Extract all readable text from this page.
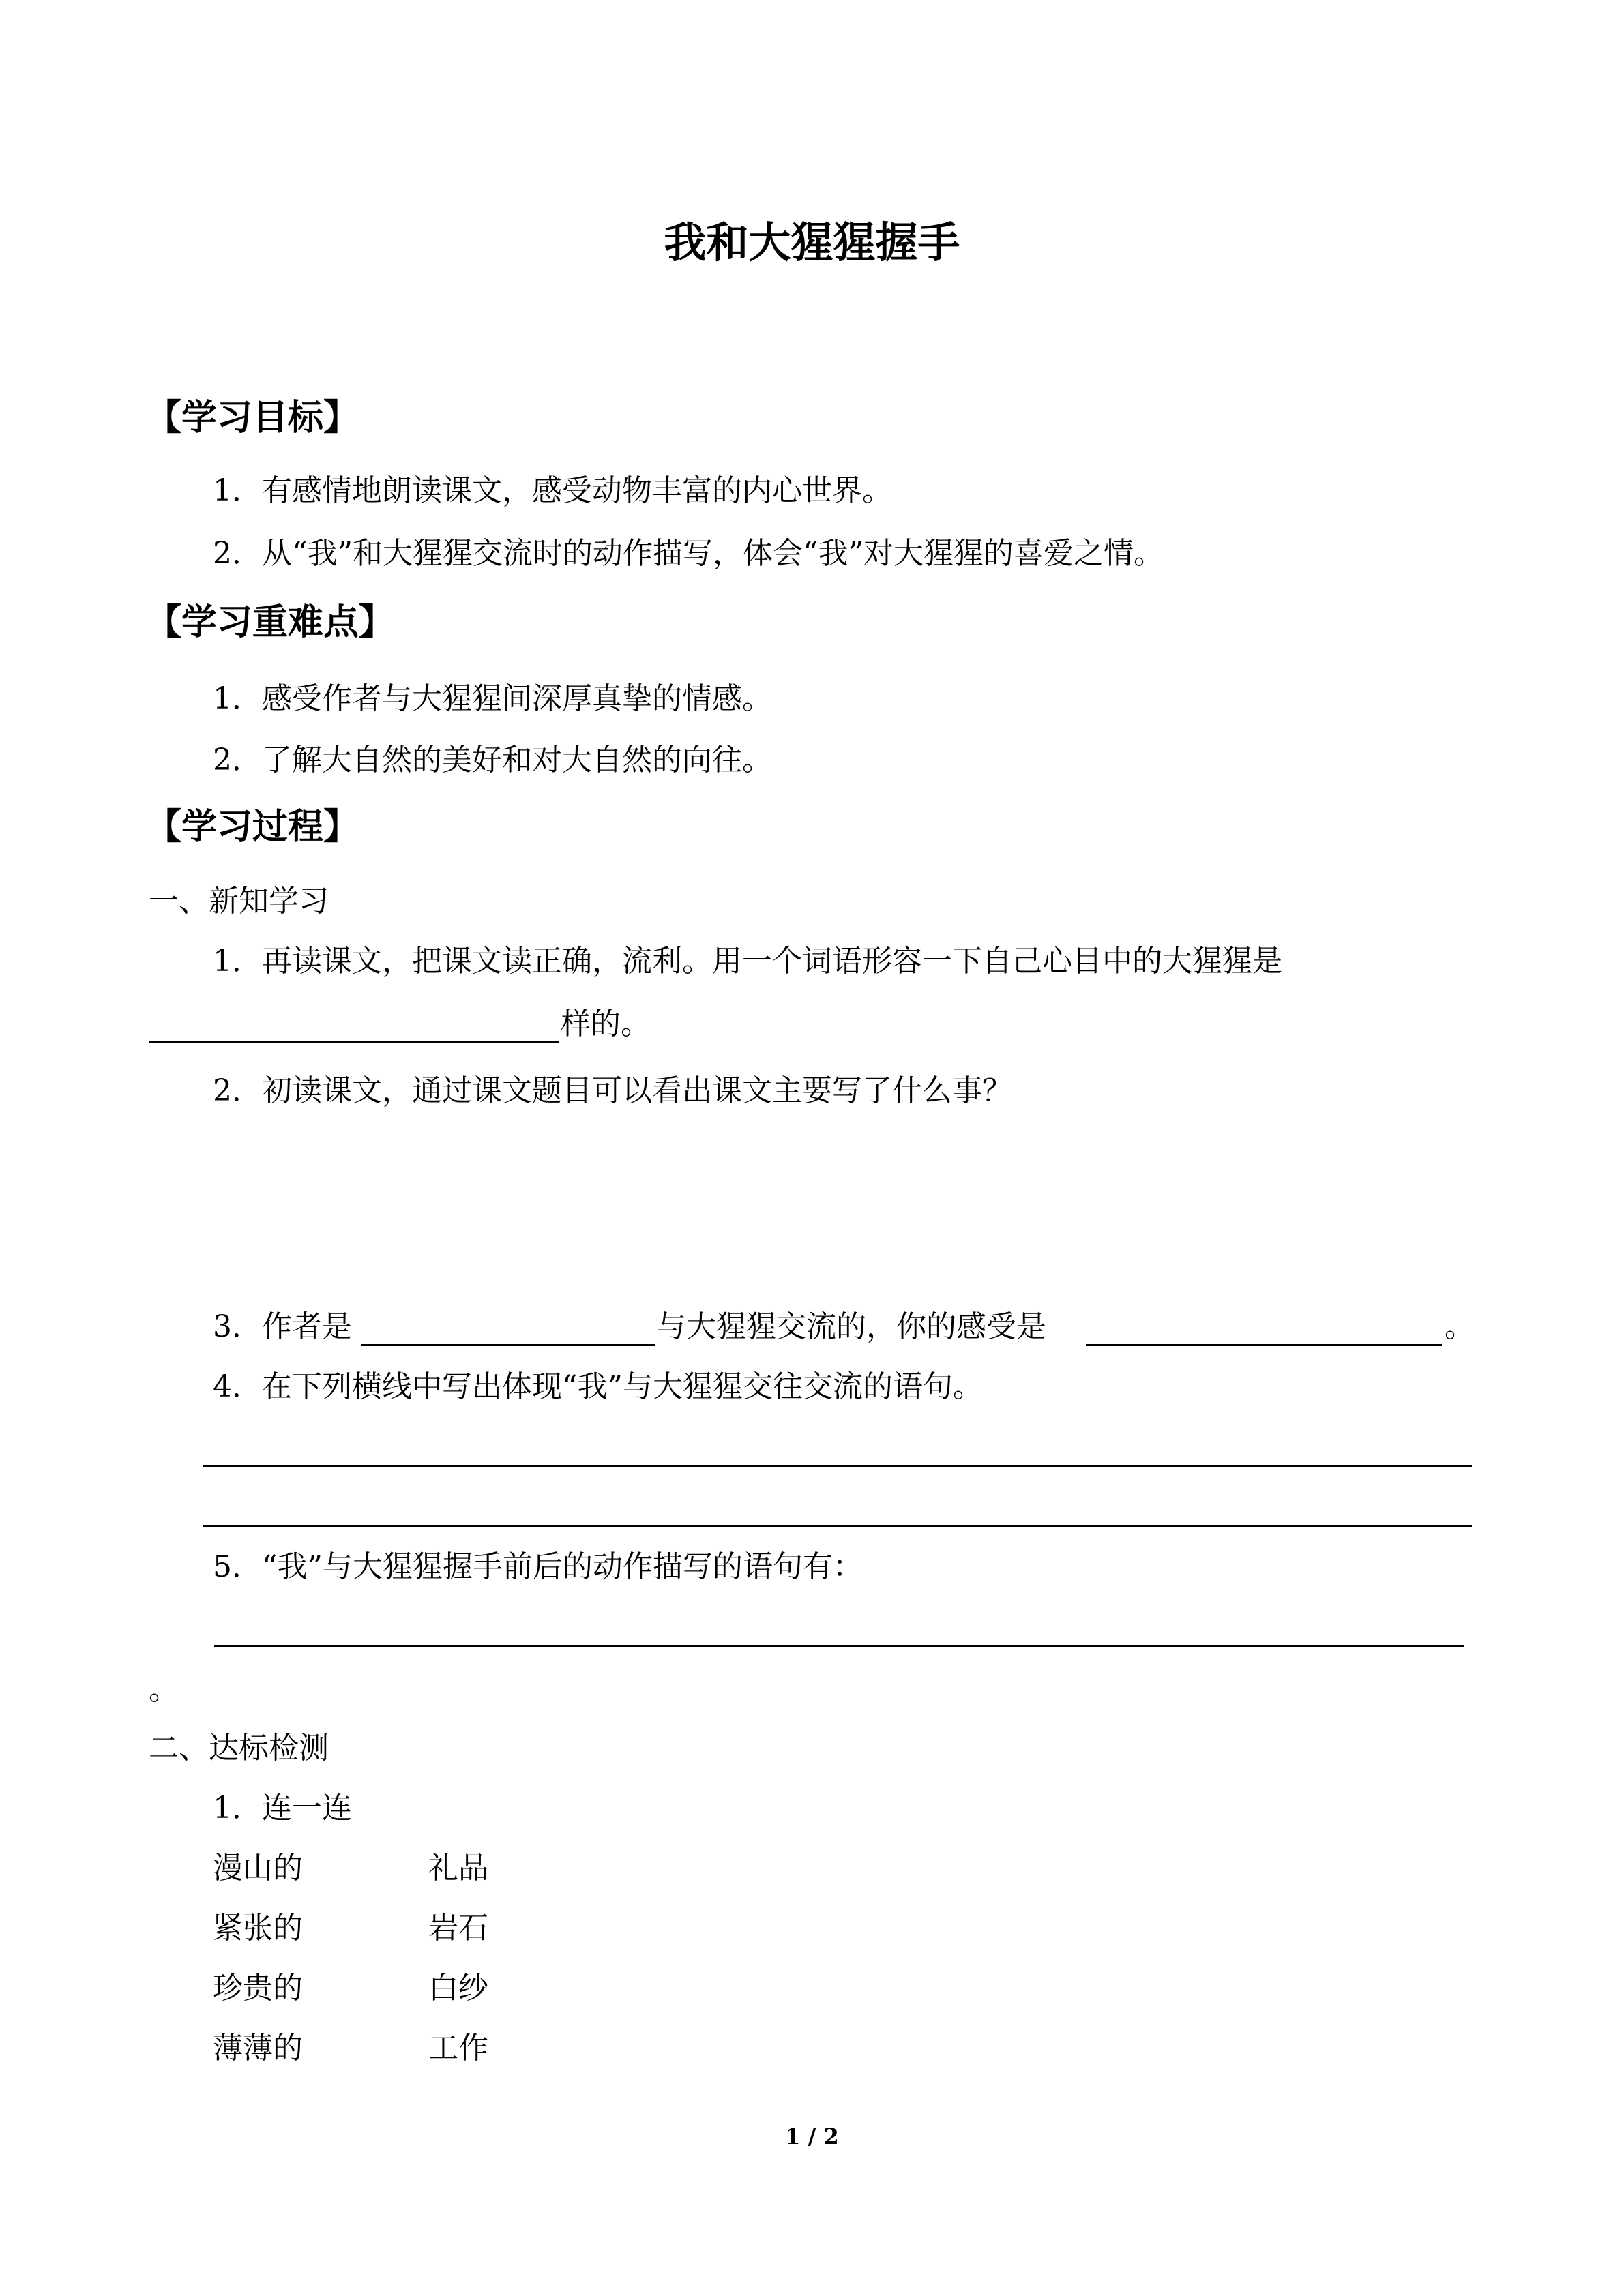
我和大猩猩握手
【学习目标】
1．有感情地朗读课文，感受动物丰富的内心世界。
2．从“我”和大猩猩交流时的动作描写，体会“我”对大猩猩的喜爱之情。
【学习重难点】
1．感受作者与大猩猩间深厚真挚的情感。
2．了解大自然的美好和对大自然的向往。
【学习过程】
一、新知学习
1．再读课文，把课文读正确，流利。用一个词语形容一下自己心目中的大猩猩是
样的。
2．初读课文，通过课文题目可以看出课文主要写了什么事？
3．作者是	与大猩猩交流的，你的感受是	。
4．在下列横线中写出体现“我”与大猩猩交往交流的语句。
5．“我”与大猩猩握手前后的动作描写的语句有：
。
二、达标检测
1．连一连
漫山的	礼品
紧张的	岩石
珍贵的	白纱
薄薄的	工作
1 / 2
